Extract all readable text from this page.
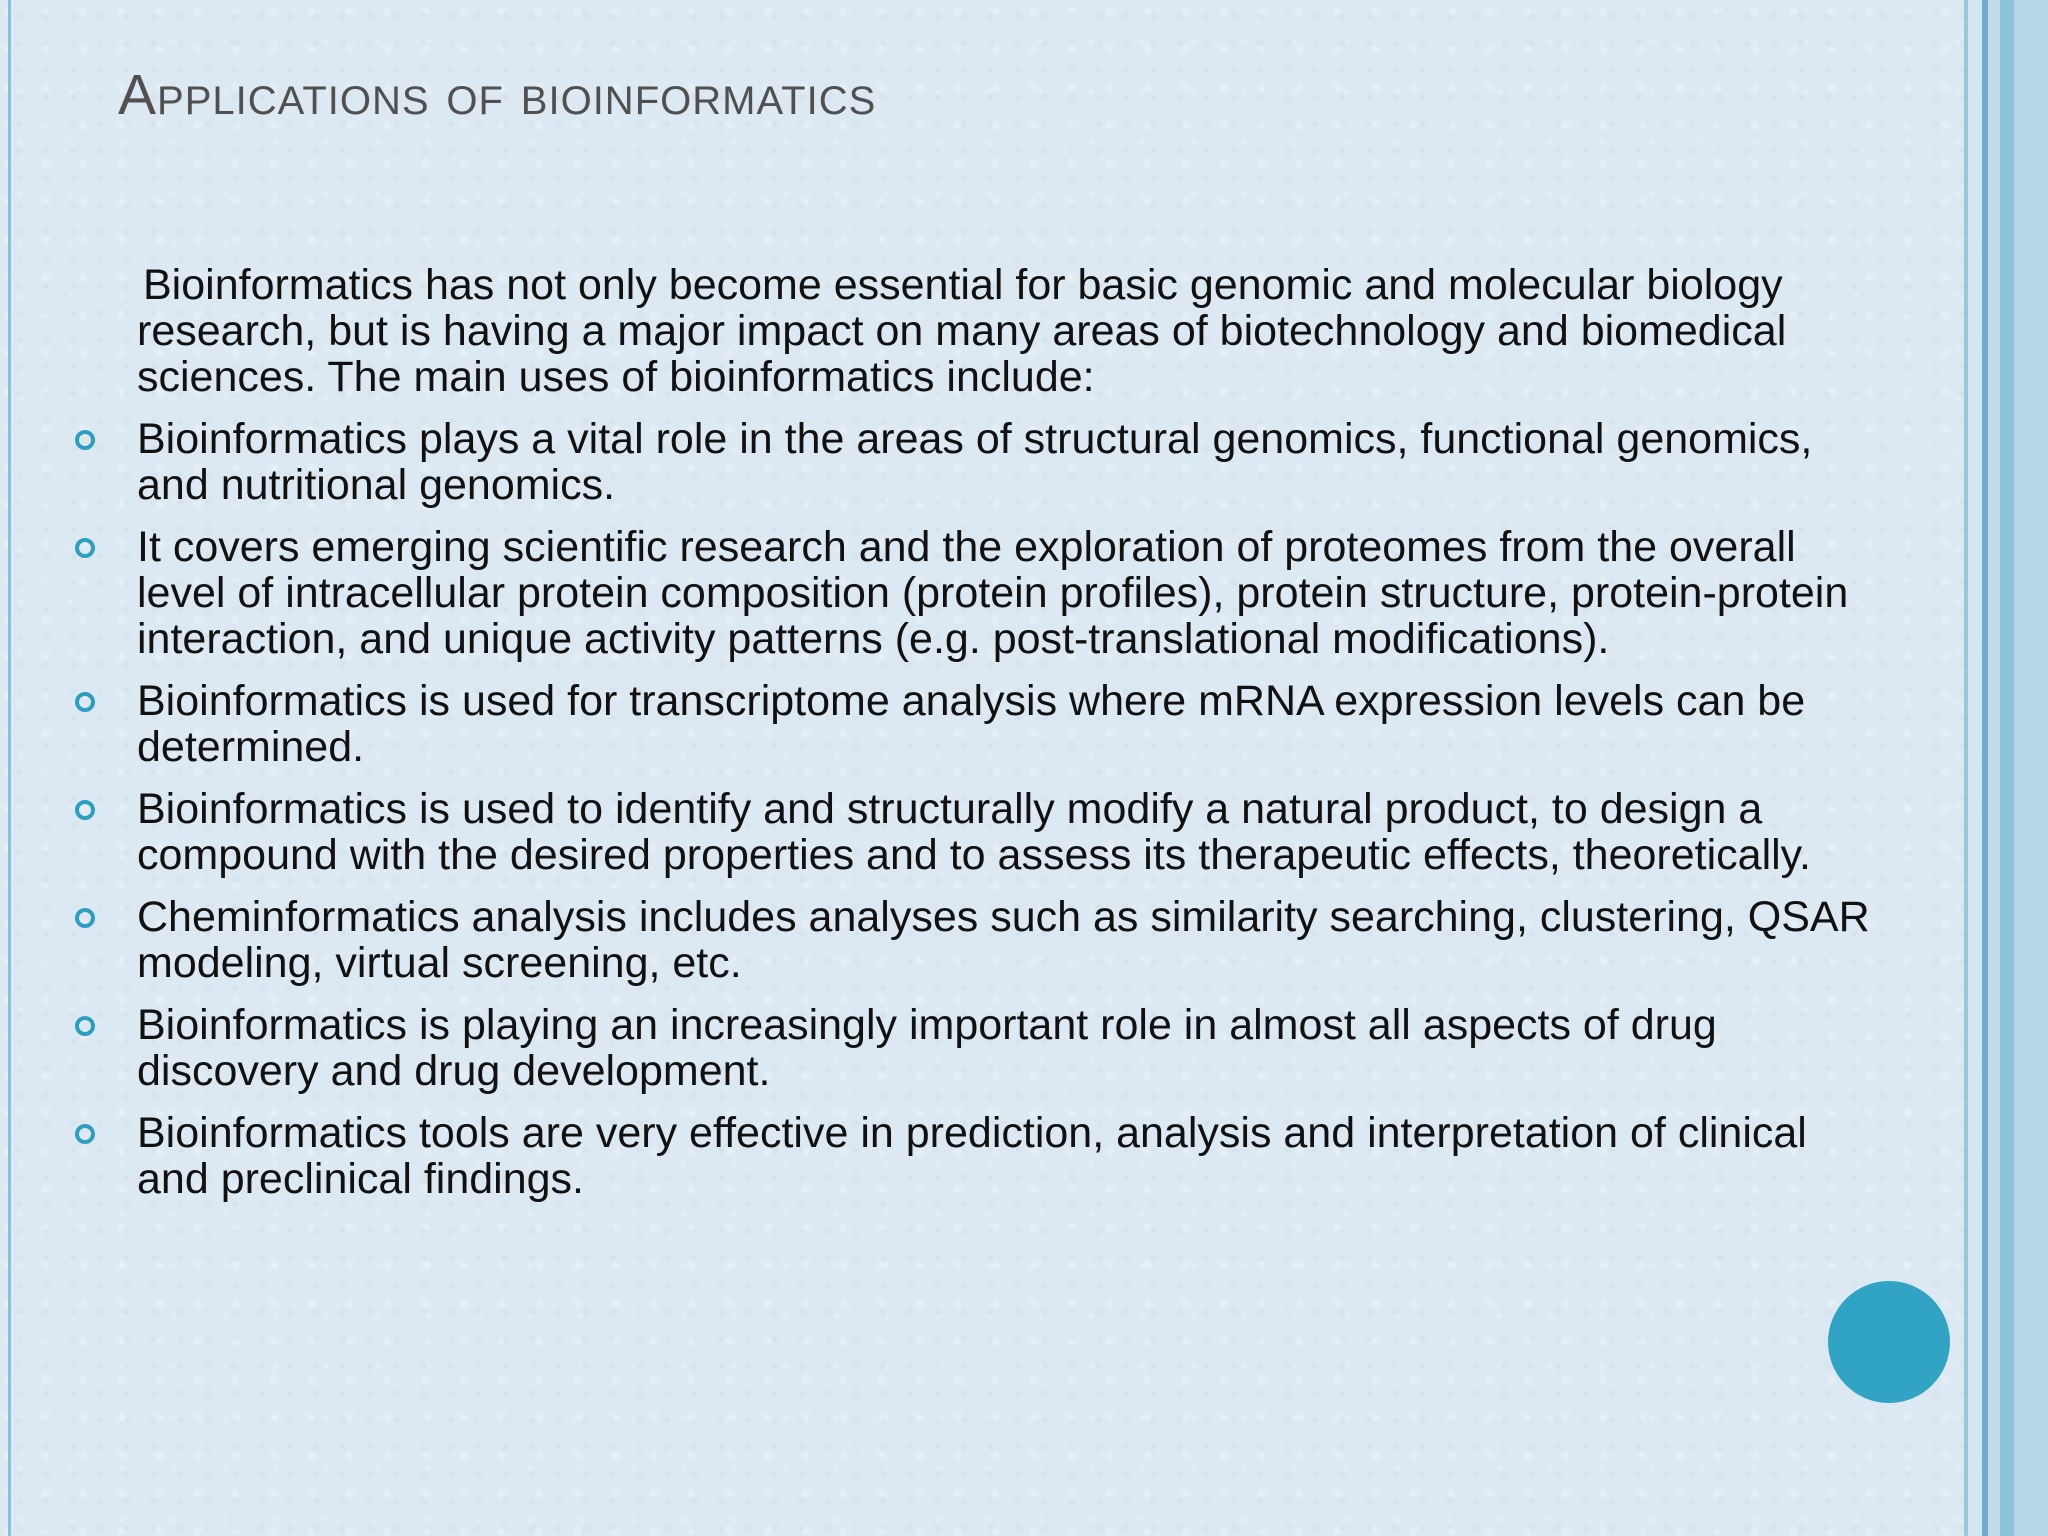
Applications of bioinformatics

Bioinformatics has not only become essential for basic genomic and molecular biology research, but is having a major impact on many areas of biotechnology and biomedical sciences. The main uses of bioinformatics include:

Bioinformatics plays a vital role in the areas of structural genomics, functional genomics, and nutritional genomics.
It covers emerging scientific research and the exploration of proteomes from the overall level of intracellular protein composition (protein profiles), protein structure, protein-protein interaction, and unique activity patterns (e.g. post-translational modifications).
Bioinformatics is used for transcriptome analysis where mRNA expression levels can be determined.
Bioinformatics is used to identify and structurally modify a natural product, to design a compound with the desired properties and to assess its therapeutic effects, theoretically.
Cheminformatics analysis includes analyses such as similarity searching, clustering, QSAR modeling, virtual screening, etc.
Bioinformatics is playing an increasingly important role in almost all aspects of drug discovery and drug development.
Bioinformatics tools are very effective in prediction, analysis and interpretation of clinical and preclinical findings.
